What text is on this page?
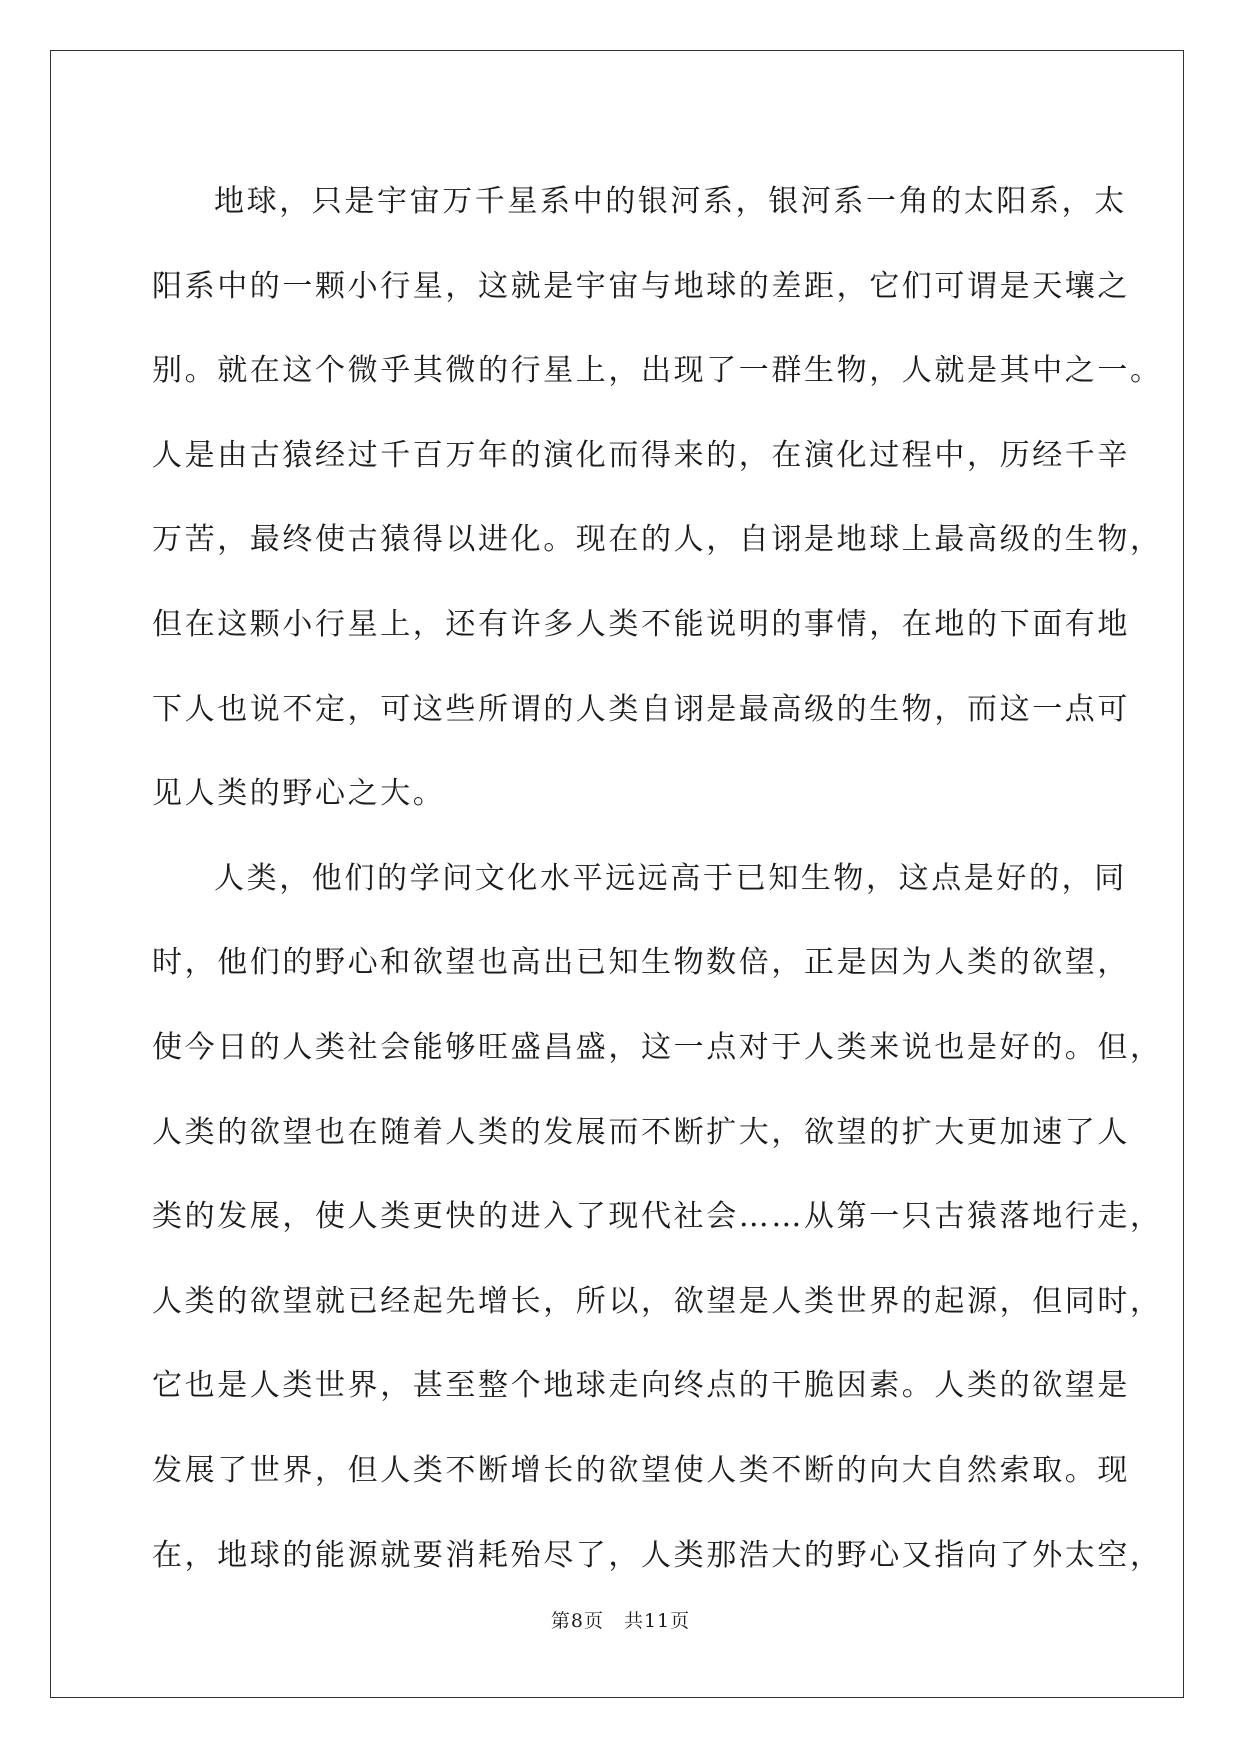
地球，只是宇宙万千星系中的银河系，银河系一角的太阳系，太
阳系中的一颗小行星，这就是宇宙与地球的差距，它们可谓是天壤之
别。就在这个微乎其微的行星上，出现了一群生物，人就是其中之一。
人是由古猿经过千百万年的演化而得来的，在演化过程中，历经千辛
万苦，最终使古猿得以进化。现在的人，自诩是地球上最高级的生物，
但在这颗小行星上，还有许多人类不能说明的事情，在地的下面有地
下人也说不定，可这些所谓的人类自诩是最高级的生物，而这一点可
见人类的野心之大。
人类，他们的学问文化水平远远高于已知生物，这点是好的，同
时，他们的野心和欲望也高出已知生物数倍，正是因为人类的欲望，
使今日的人类社会能够旺盛昌盛，这一点对于人类来说也是好的。但，
人类的欲望也在随着人类的发展而不断扩大，欲望的扩大更加速了人
类的发展，使人类更快的进入了现代社会……从第一只古猿落地行走，
人类的欲望就已经起先增长，所以，欲望是人类世界的起源，但同时，
它也是人类世界，甚至整个地球走向终点的干脆因素。人类的欲望是
发展了世界，但人类不断增长的欲望使人类不断的向大自然索取。现
在，地球的能源就要消耗殆尽了，人类那浩大的野心又指向了外太空，
第8页　共11页
